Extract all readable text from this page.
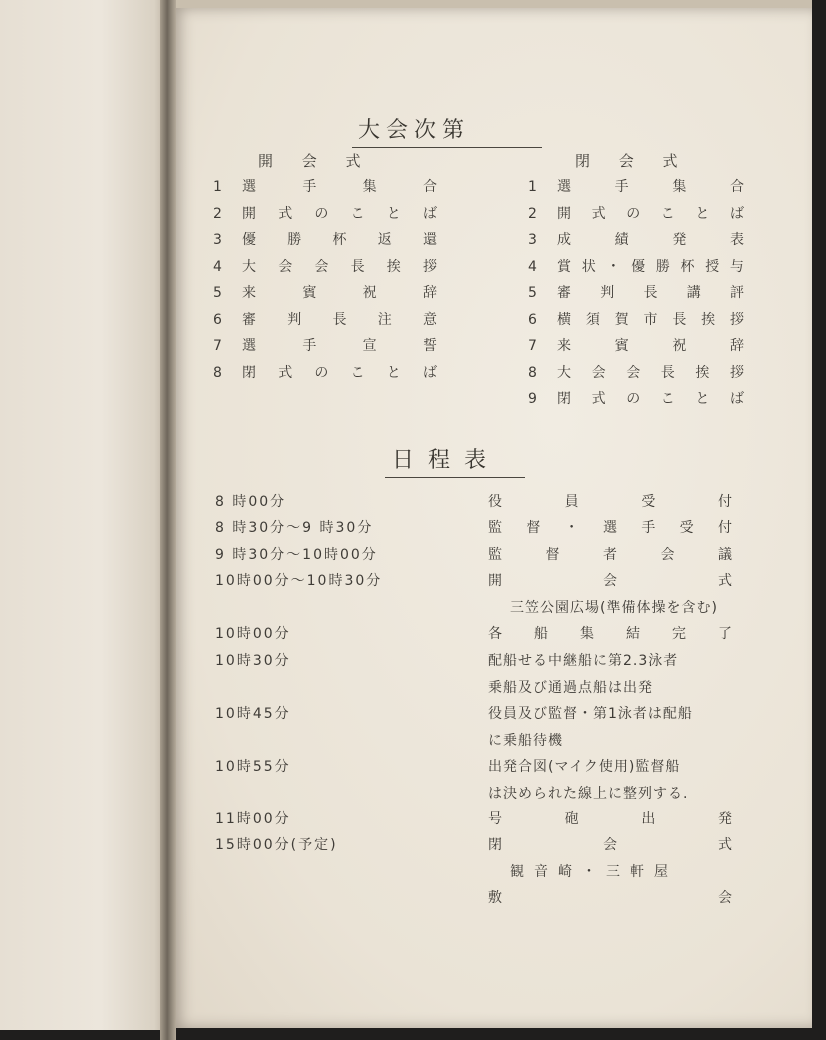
大会次第
開 会 式
1	選	手	集	合
2	開 式 の こ と ば
3	優 勝 杯 返 還
4	大 会 会 長 挨 拶
5	来	賓	祝	辞
6	審 判 長 注 意
7	選	手	宣	誓
8	閉 式 の こ と ば
閉 会 式
1	選	手	集	合
2	開 式 の こ と ば
3	成	績	発	表
4	賞 状 ・ 優 勝 杯 授 与
5	審 判 長 講 評
6	横 須 賀 市 長 挨 拶
7	来	賓	祝	辞
8	大 会 会 長 挨 拶
9	閉 式 の こ と ば
日程表
8 時00分	役	員	受	付
8 時30分～9 時30分	監 督 ・ 選 手 受 付
9 時30分～10時00分	監	督	者	会	議
10時00分～10時30分	開	会	式
三笠公園広場(準備体操を含む)
10時00分	各 船 集 結 完 了
10時30分	配船せる中継船に第2.3泳者
乗船及び通過点船は出発
10時45分	役員及び監督・第1泳者は配船
に乗船待機
10時55分	出発合図(マイク使用)監督船
は決められた線上に整列する.
11時00分	号	砲	出	発
15時00分(予定)	閉	会	式
観音崎・三軒屋
敷	会
